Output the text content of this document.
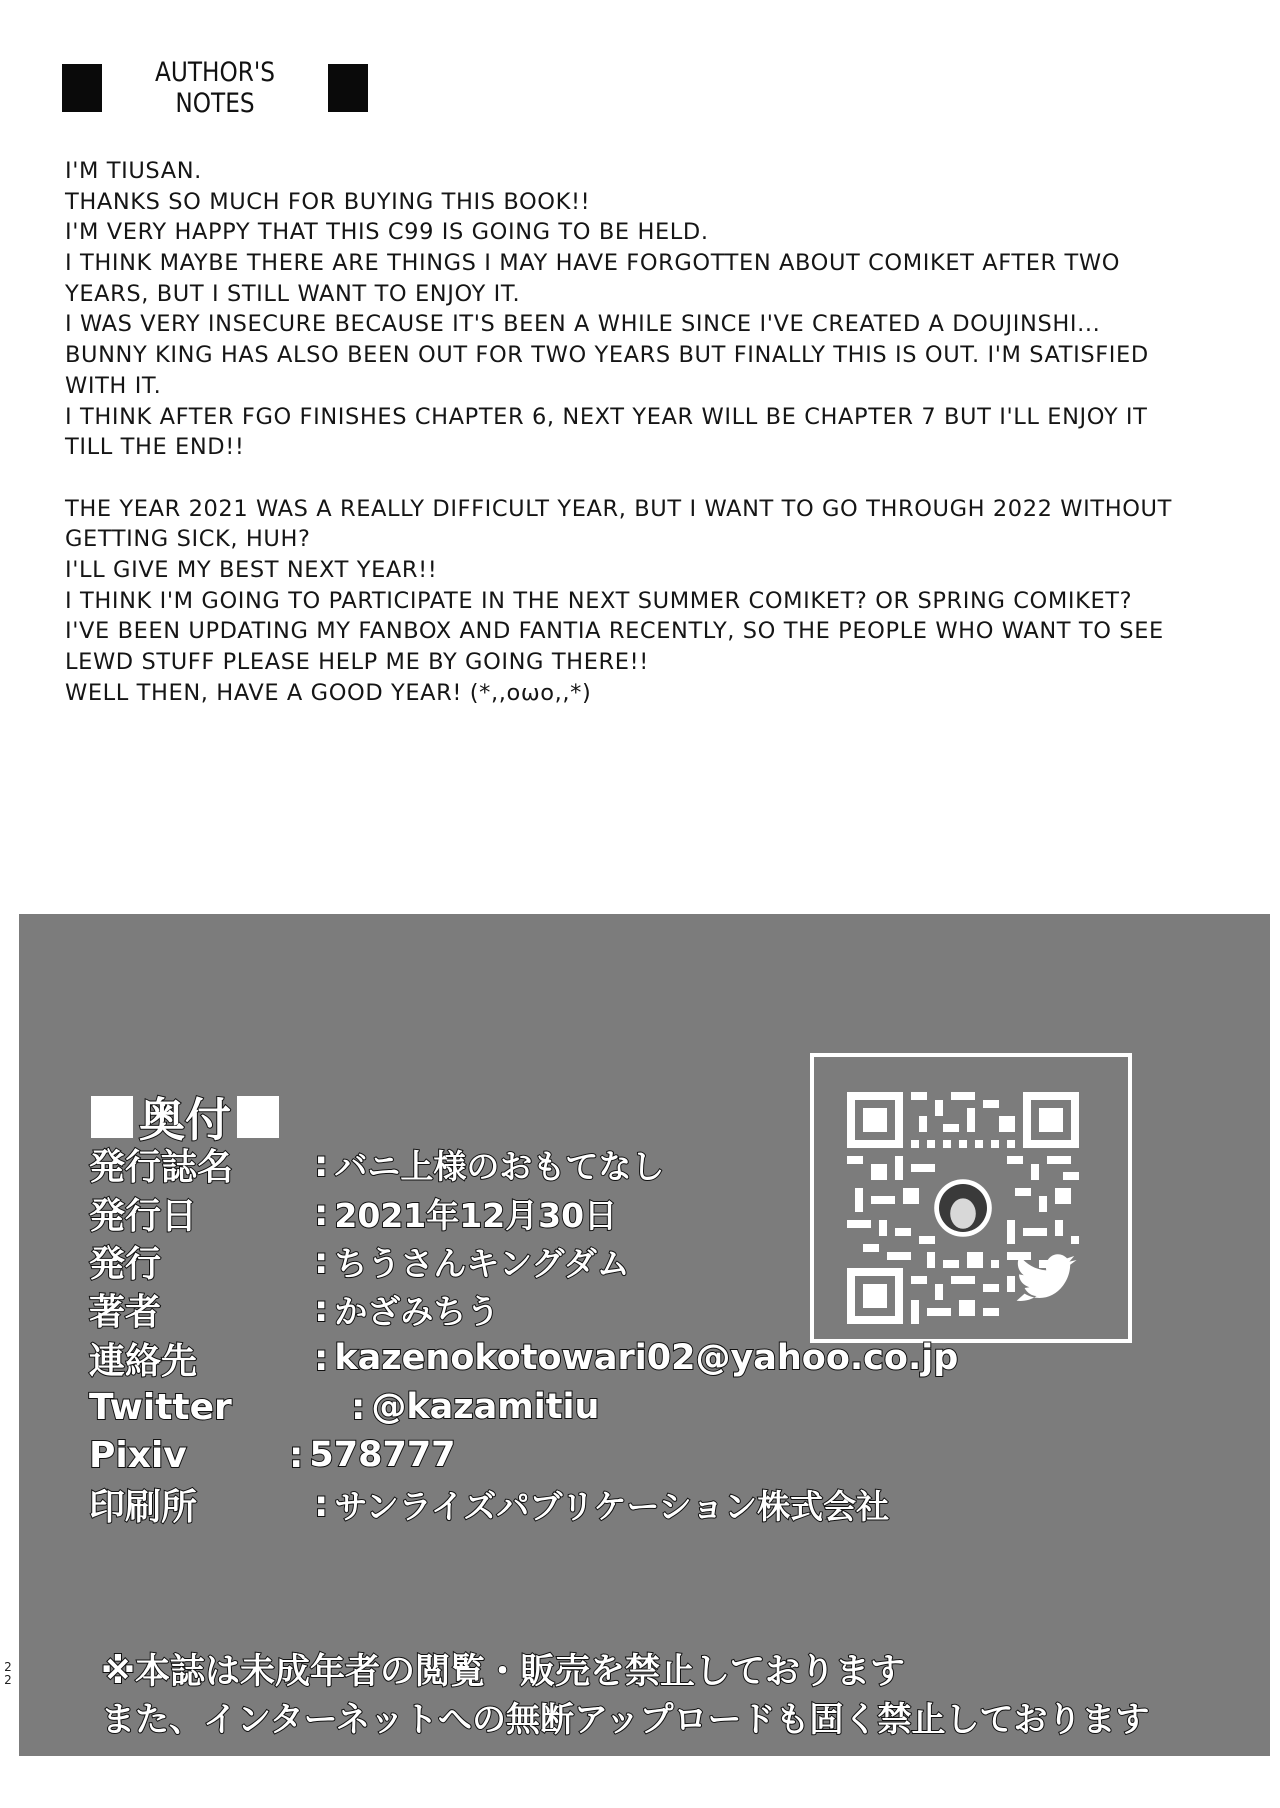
AUTHOR'S NOTES
I'M TIUSAN.
THANKS SO MUCH FOR BUYING THIS BOOK!!
I'M VERY HAPPY THAT THIS C99 IS GOING TO BE HELD.
I THINK MAYBE THERE ARE THINGS I MAY HAVE FORGOTTEN ABOUT COMIKET AFTER TWO
YEARS, BUT I STILL WANT TO ENJOY IT.
I WAS VERY INSECURE BECAUSE IT'S BEEN A WHILE SINCE I'VE CREATED A DOUJINSHI...
BUNNY KING HAS ALSO BEEN OUT FOR TWO YEARS BUT FINALLY THIS IS OUT. I'M SATISFIED
WITH IT.
I THINK AFTER FGO FINISHES CHAPTER 6, NEXT YEAR WILL BE CHAPTER 7 BUT I'LL ENJOY IT
TILL THE END!!
THE YEAR 2021 WAS A REALLY DIFFICULT YEAR, BUT I WANT TO GO THROUGH 2022 WITHOUT
GETTING SICK, HUH?
I'LL GIVE MY BEST NEXT YEAR!!
I THINK I'M GOING TO PARTICIPATE IN THE NEXT SUMMER COMIKET? OR SPRING COMIKET?
I'VE BEEN UPDATING MY FANBOX AND FANTIA RECENTLY, SO THE PEOPLE WHO WANT TO SEE
LEWD STUFF PLEASE HELP ME BY GOING THERE!!
WELL THEN, HAVE A GOOD YEAR! (*,,oωo,,*)
奥付
発行誌名	: バニ上様のおもてなし
発行日	: 2021年12月30日
発行	: ちうさんキングダム
著者	: かざみちう
連絡先	: kazenokotowari02@yahoo.co.jp
Twitter	: @kazamitiu
Pixiv	: 578777
印刷所	: サンライズパブリケーション株式会社
※本誌は未成年者の閲覧・販売を禁止しております
また、インターネットへの無断アップロードも固く禁止しております
22
